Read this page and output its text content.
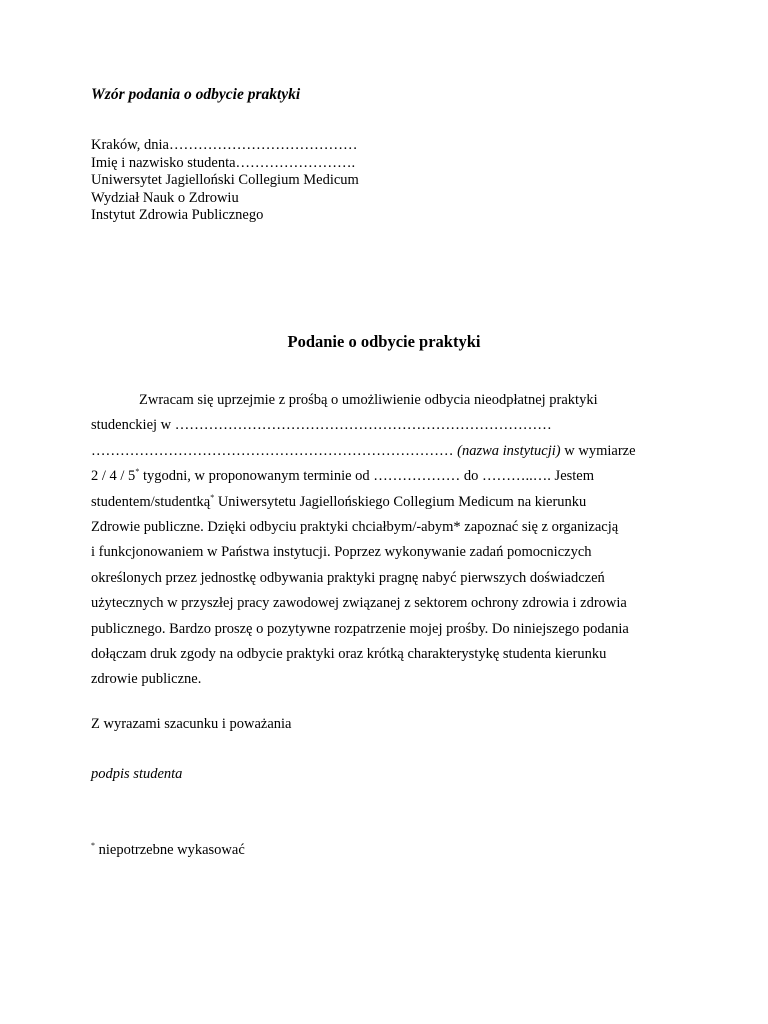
Wzór podania o odbycie praktyki
Kraków, dnia…………………………………
Imię i nazwisko studenta…………………….
Uniwersytet Jagielloński Collegium Medicum
Wydział Nauk o Zdrowiu
Instytut Zdrowia Publicznego
Podanie o odbycie praktyki
Zwracam się uprzejmie z prośbą o umożliwienie odbycia nieodpłatnej praktyki
studenckiej w ……………………………………………………………………
………………………………………………………………… (nazwa instytucji) w wymiarze
2 / 4 / 5* tygodni, w proponowanym terminie od ……………… do ………..…. Jestem
studentem/studentką* Uniwersytetu Jagiellońskiego Collegium Medicum na kierunku
Zdrowie publiczne. Dzięki odbyciu praktyki chciałbym/-abym* zapoznać się z organizacją
i funkcjonowaniem w Państwa instytucji. Poprzez wykonywanie zadań pomocniczych
określonych przez jednostkę odbywania praktyki pragnę nabyć pierwszych doświadczeń
użytecznych w przyszłej pracy zawodowej związanej z sektorem ochrony zdrowia i zdrowia
publicznego. Bardzo proszę o pozytywne rozpatrzenie mojej prośby. Do niniejszego podania
dołączam druk zgody na odbycie praktyki oraz krótką charakterystykę studenta kierunku
zdrowie publiczne.
Z wyrazami szacunku i poważania
podpis studenta
* niepotrzebne wykasować
